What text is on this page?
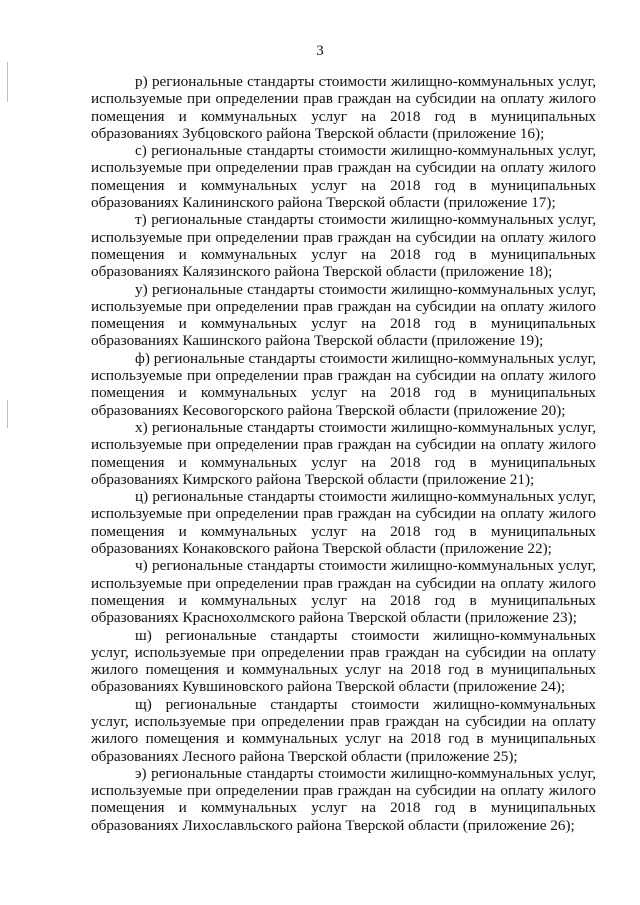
3

р) региональные стандарты стоимости жилищно-коммунальных услуг, используемые при определении прав граждан на субсидии на оплату жилого помещения и коммунальных услуг на 2018 год в муниципальных образованиях Зубцовского района Тверской области (приложение 16);

с) региональные стандарты стоимости жилищно-коммунальных услуг, используемые при определении прав граждан на субсидии на оплату жилого помещения и коммунальных услуг на 2018 год в муниципальных образованиях Калининского района Тверской области (приложение 17);

т) региональные стандарты стоимости жилищно-коммунальных услуг, используемые при определении прав граждан на субсидии на оплату жилого помещения и коммунальных услуг на 2018 год в муниципальных образованиях Калязинского района Тверской области (приложение 18);

у) региональные стандарты стоимости жилищно-коммунальных услуг, используемые при определении прав граждан на субсидии на оплату жилого помещения и коммунальных услуг на 2018 год в муниципальных образованиях Кашинского района Тверской области (приложение 19);

ф) региональные стандарты стоимости жилищно-коммунальных услуг, используемые при определении прав граждан на субсидии на оплату жилого помещения и коммунальных услуг на 2018 год в муниципальных образованиях Кесовогорского района Тверской области (приложение 20);

х) региональные стандарты стоимости жилищно-коммунальных услуг, используемые при определении прав граждан на субсидии на оплату жилого помещения и коммунальных услуг на 2018 год в муниципальных образованиях Кимрского района Тверской области (приложение 21);

ц) региональные стандарты стоимости жилищно-коммунальных услуг, используемые при определении прав граждан на субсидии на оплату жилого помещения и коммунальных услуг на 2018 год в муниципальных образованиях Конаковского района Тверской области (приложение 22);

ч) региональные стандарты стоимости жилищно-коммунальных услуг, используемые при определении прав граждан на субсидии на оплату жилого помещения и коммунальных услуг на 2018 год в муниципальных образованиях Краснохолмского района Тверской области (приложение 23);

ш) региональные стандарты стоимости жилищно-коммунальных услуг, используемые при определении прав граждан на субсидии на оплату жилого помещения и коммунальных услуг на 2018 год в муниципальных образованиях Кувшиновского района Тверской области (приложение 24);

щ) региональные стандарты стоимости жилищно-коммунальных услуг, используемые при определении прав граждан на субсидии на оплату жилого помещения и коммунальных услуг на 2018 год в муниципальных образованиях Лесного района Тверской области (приложение 25);

э) региональные стандарты стоимости жилищно-коммунальных услуг, используемые при определении прав граждан на субсидии на оплату жилого помещения и коммунальных услуг на 2018 год в муниципальных образованиях Лихославльского района Тверской области (приложение 26);
